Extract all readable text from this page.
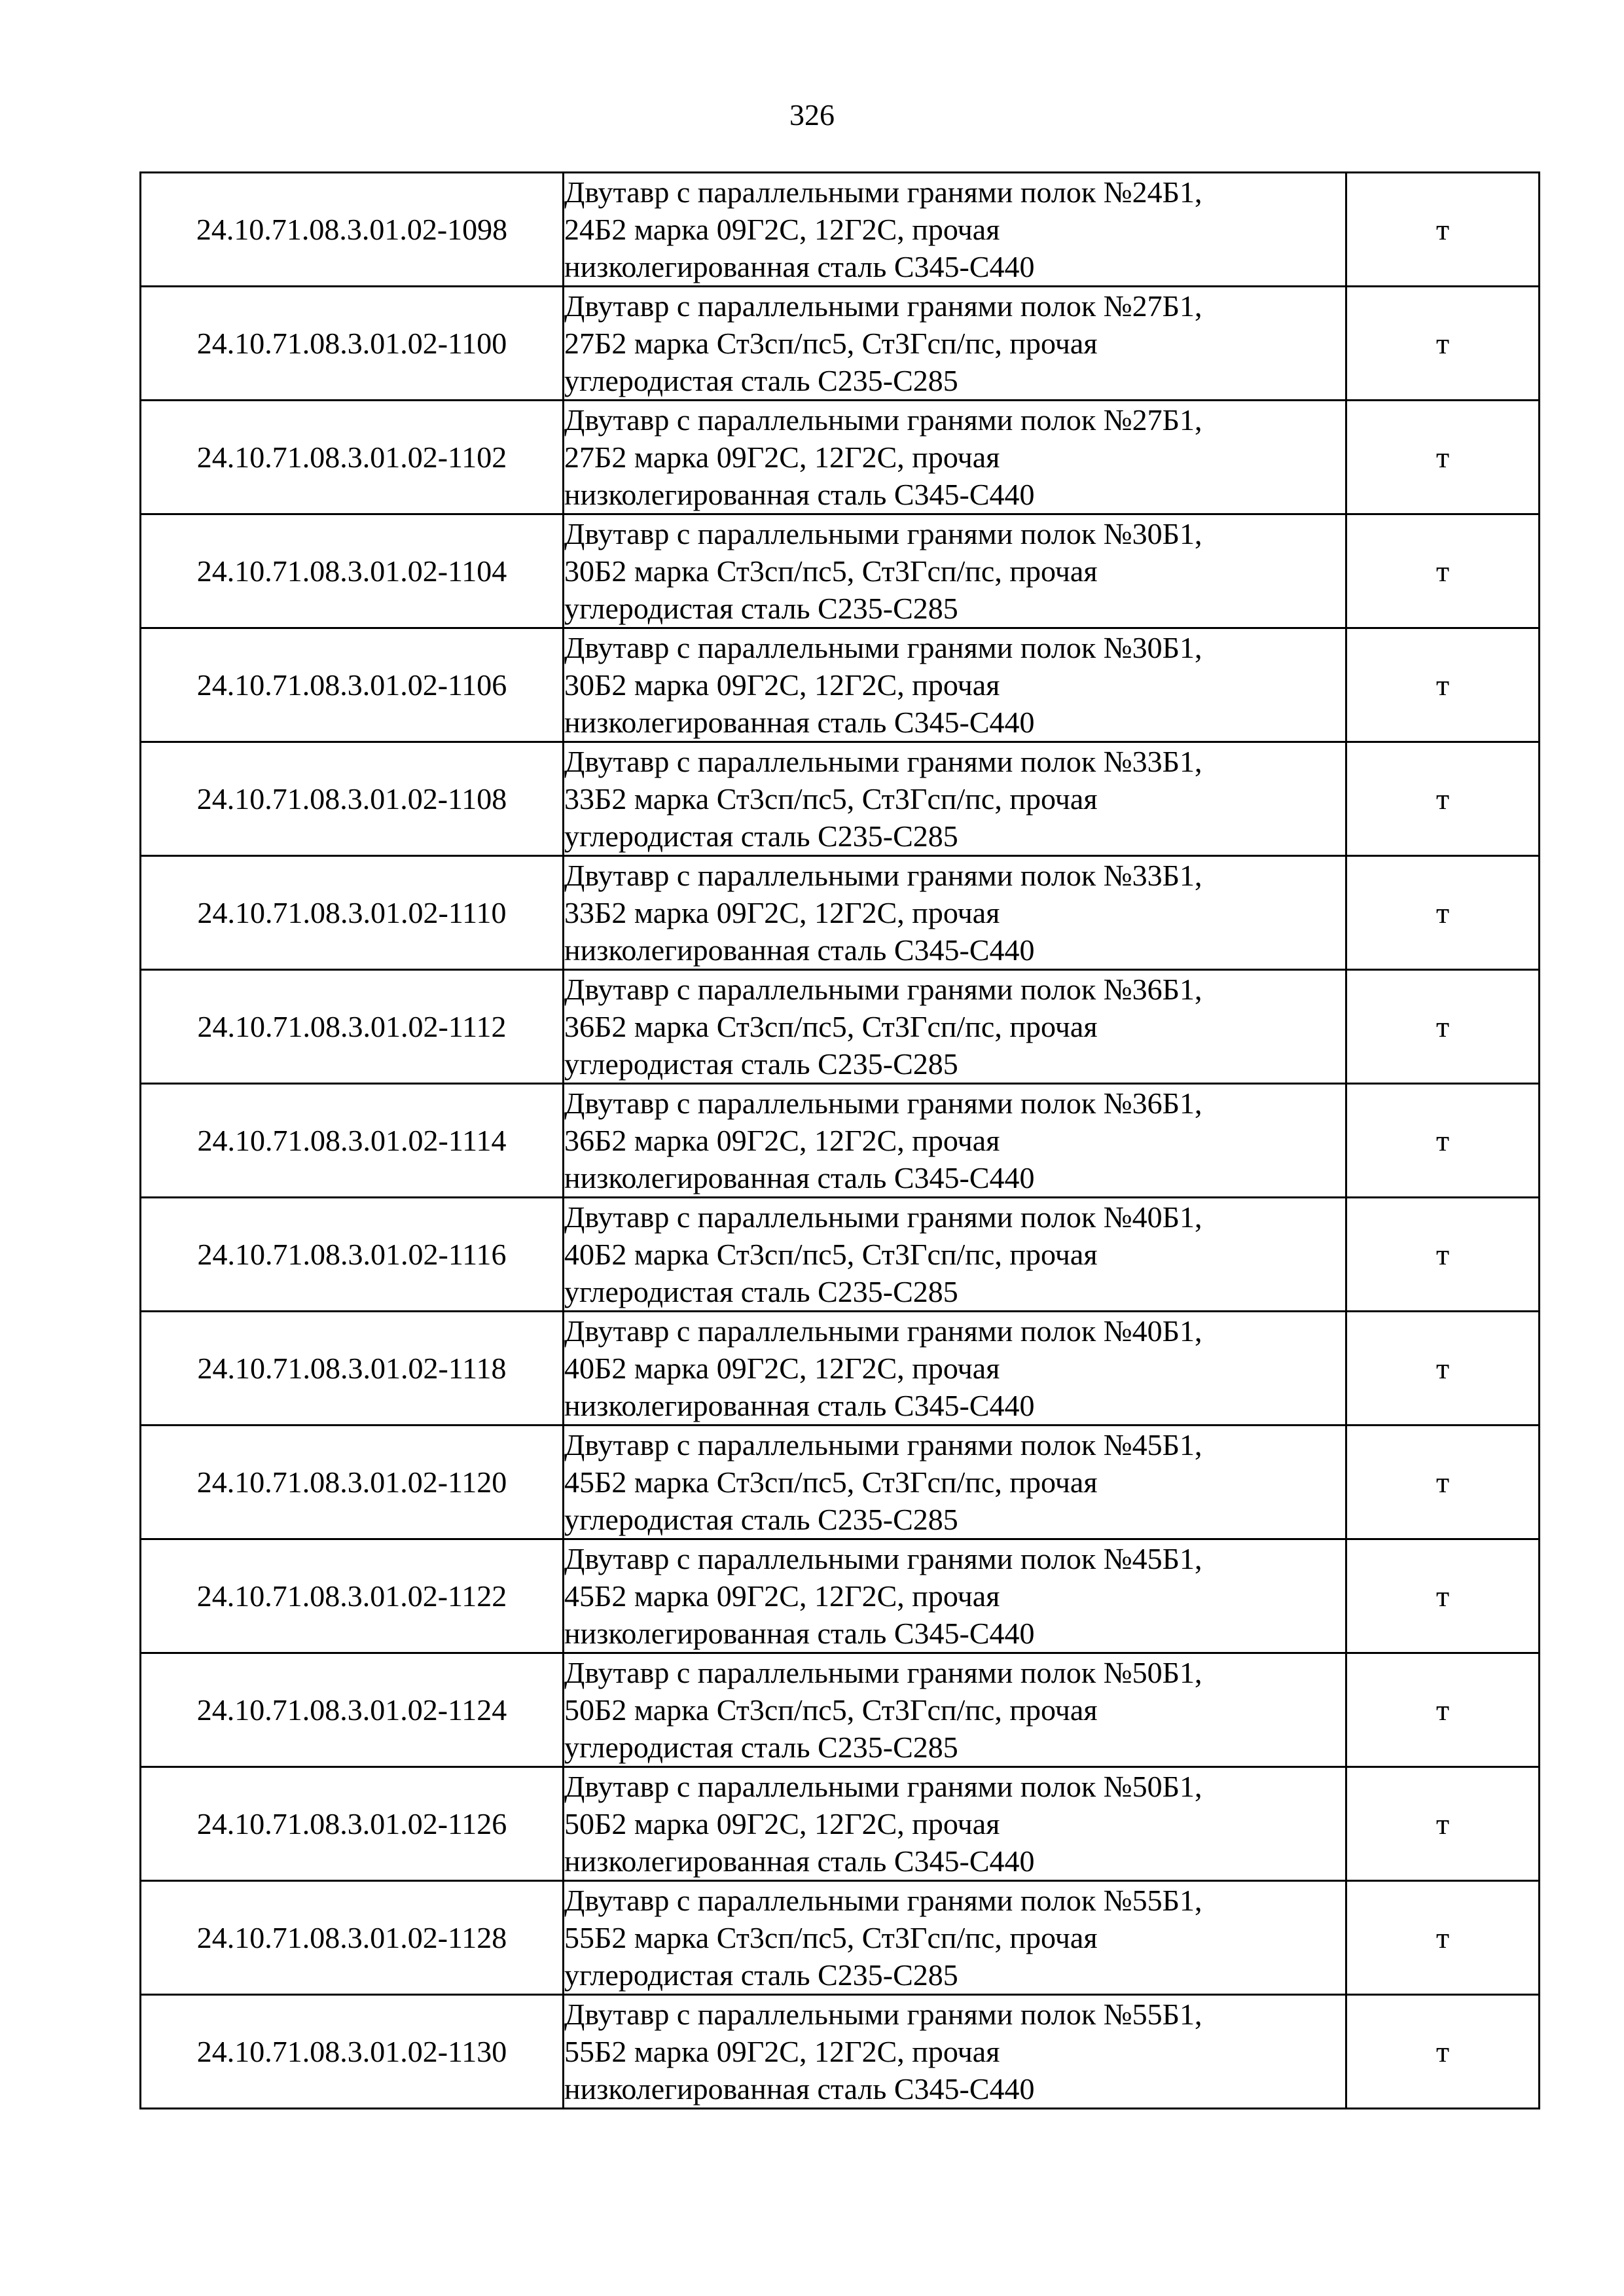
326
24.10.71.08.3.01.02-1098	Двутавр с параллельными гранями полок №24Б1,
24Б2 марка 09Г2С, 12Г2С, прочая
низколегированная сталь С345-С440	т
24.10.71.08.3.01.02-1100	Двутавр с параллельными гранями полок №27Б1,
27Б2 марка Ст3сп/пс5, Ст3Гсп/пс, прочая
углеродистая сталь С235-С285	т
24.10.71.08.3.01.02-1102	Двутавр с параллельными гранями полок №27Б1,
27Б2 марка 09Г2С, 12Г2С, прочая
низколегированная сталь С345-С440	т
24.10.71.08.3.01.02-1104	Двутавр с параллельными гранями полок №30Б1,
30Б2 марка Ст3сп/пс5, Ст3Гсп/пс, прочая
углеродистая сталь С235-С285	т
24.10.71.08.3.01.02-1106	Двутавр с параллельными гранями полок №30Б1,
30Б2 марка 09Г2С, 12Г2С, прочая
низколегированная сталь С345-С440	т
24.10.71.08.3.01.02-1108	Двутавр с параллельными гранями полок №33Б1,
33Б2 марка Ст3сп/пс5, Ст3Гсп/пс, прочая
углеродистая сталь С235-С285	т
24.10.71.08.3.01.02-1110	Двутавр с параллельными гранями полок №33Б1,
33Б2 марка 09Г2С, 12Г2С, прочая
низколегированная сталь С345-С440	т
24.10.71.08.3.01.02-1112	Двутавр с параллельными гранями полок №36Б1,
36Б2 марка Ст3сп/пс5, Ст3Гсп/пс, прочая
углеродистая сталь С235-С285	т
24.10.71.08.3.01.02-1114	Двутавр с параллельными гранями полок №36Б1,
36Б2 марка 09Г2С, 12Г2С, прочая
низколегированная сталь С345-С440	т
24.10.71.08.3.01.02-1116	Двутавр с параллельными гранями полок №40Б1,
40Б2 марка Ст3сп/пс5, Ст3Гсп/пс, прочая
углеродистая сталь С235-С285	т
24.10.71.08.3.01.02-1118	Двутавр с параллельными гранями полок №40Б1,
40Б2 марка 09Г2С, 12Г2С, прочая
низколегированная сталь С345-С440	т
24.10.71.08.3.01.02-1120	Двутавр с параллельными гранями полок №45Б1,
45Б2 марка Ст3сп/пс5, Ст3Гсп/пс, прочая
углеродистая сталь С235-С285	т
24.10.71.08.3.01.02-1122	Двутавр с параллельными гранями полок №45Б1,
45Б2 марка 09Г2С, 12Г2С, прочая
низколегированная сталь С345-С440	т
24.10.71.08.3.01.02-1124	Двутавр с параллельными гранями полок №50Б1,
50Б2 марка Ст3сп/пс5, Ст3Гсп/пс, прочая
углеродистая сталь С235-С285	т
24.10.71.08.3.01.02-1126	Двутавр с параллельными гранями полок №50Б1,
50Б2 марка 09Г2С, 12Г2С, прочая
низколегированная сталь С345-С440	т
24.10.71.08.3.01.02-1128	Двутавр с параллельными гранями полок №55Б1,
55Б2 марка Ст3сп/пс5, Ст3Гсп/пс, прочая
углеродистая сталь С235-С285	т
24.10.71.08.3.01.02-1130	Двутавр с параллельными гранями полок №55Б1,
55Б2 марка 09Г2С, 12Г2С, прочая
низколегированная сталь С345-С440	т
